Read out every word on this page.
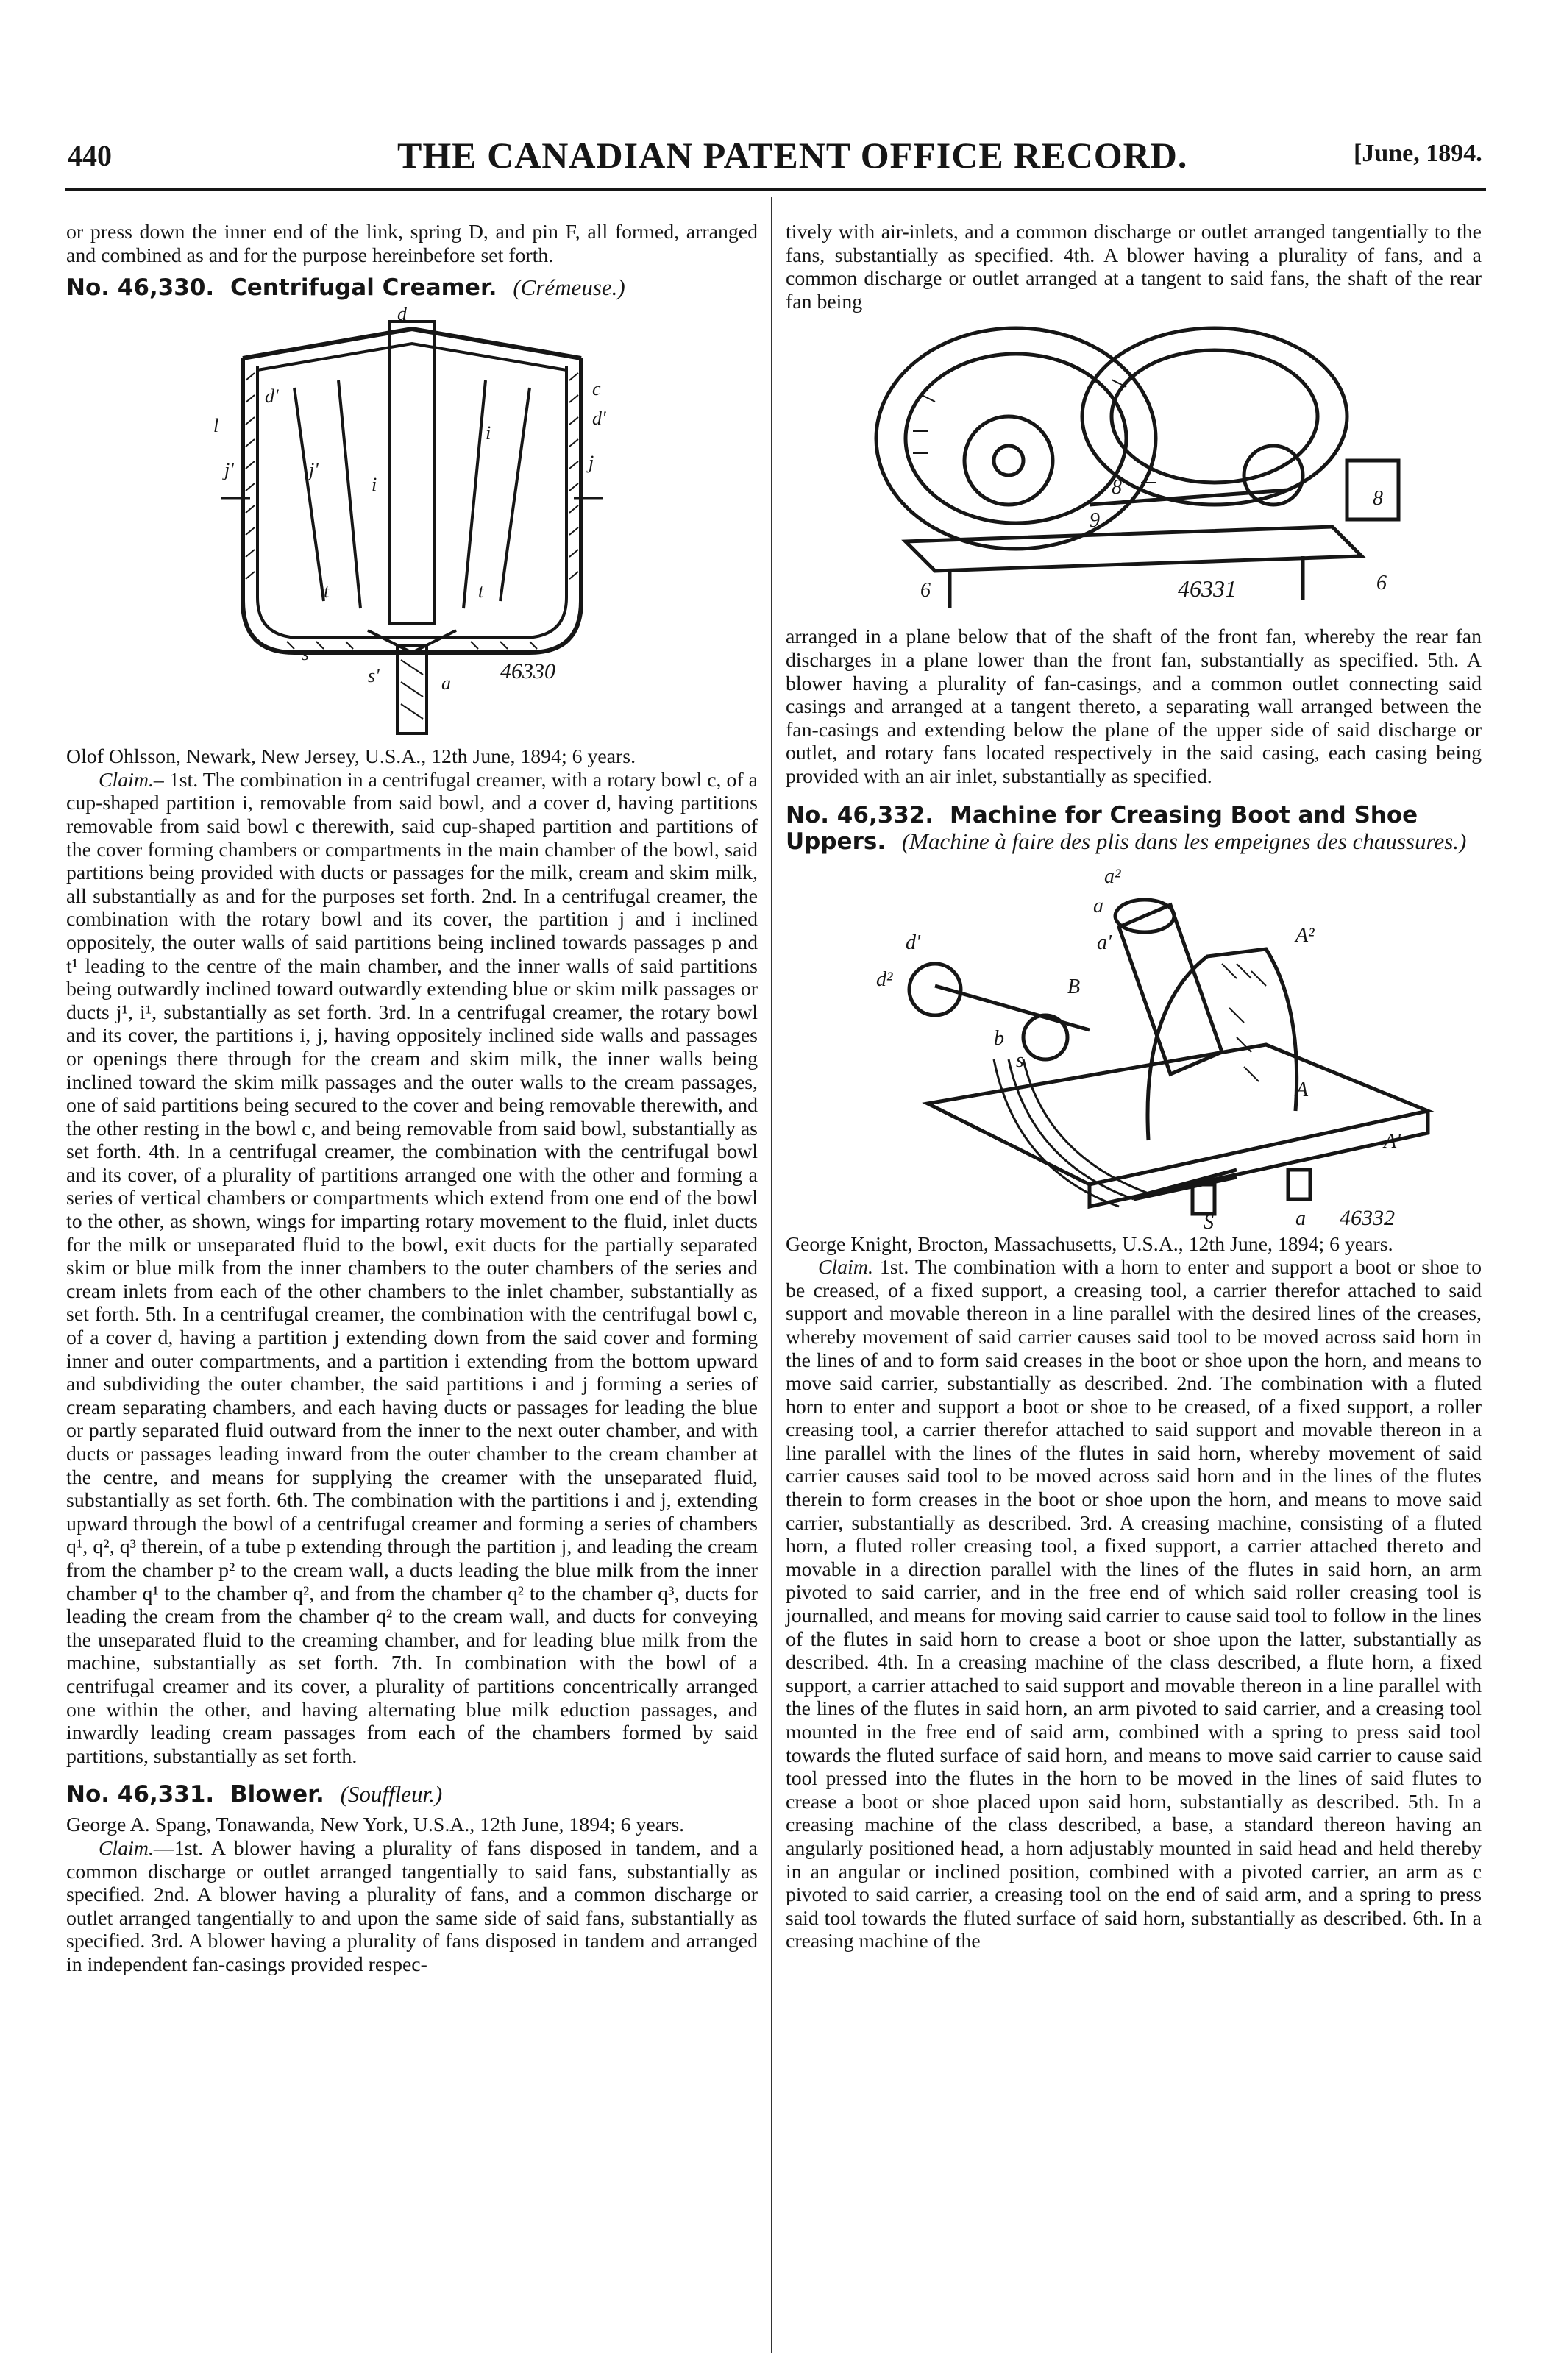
440	THE CANADIAN PATENT OFFICE RECORD.	[June, 1894.

or press down the inner end of the link, spring D, and pin F, all formed, arranged and combined as and for the purpose hereinbefore set forth.

No. 46,330. Centrifugal Creamer. (Crémeuse.)
d
c
l	d'
d'
j
j'	j'
i
i
t	t
a
s
s'	46330

Olof Ohlsson, Newark, New Jersey, U.S.A., 12th June, 1894; 6 years.

Claim.– 1st. The combination in a centrifugal creamer, with a rotary bowl c, of a cup-shaped partition i, removable from said bowl, and a cover d, having partitions removable from said bowl c therewith, said cup-shaped partition and partitions of the cover forming chambers or compartments in the main chamber of the bowl, said partitions being provided with ducts or passages for the milk, cream and skim milk, all substantially as and for the purposes set forth. 2nd. In a centrifugal creamer, the combination with the rotary bowl and its cover, the partition j and i inclined oppositely, the outer walls of said partitions being inclined towards passages p and t¹ leading to the centre of the main chamber, and the inner walls of said partitions being outwardly inclined toward outwardly extending blue or skim milk passages or ducts j¹, i¹, substantially as set forth. 3rd. In a centrifugal creamer, the rotary bowl and its cover, the partitions i, j, having oppositely inclined side walls and passages or openings there through for the cream and skim milk, the inner walls being inclined toward the skim milk passages and the outer walls to the cream passages, one of said partitions being secured to the cover and being removable therewith, and the other resting in the bowl c, and being removable from said bowl, substantially as set forth. 4th. In a centrifugal creamer, the combination with the centrifugal bowl and its cover, of a plurality of partitions arranged one with the other and forming a series of vertical chambers or compartments which extend from one end of the bowl to the other, as shown, wings for imparting rotary movement to the fluid, inlet ducts for the milk or unseparated fluid to the bowl, exit ducts for the partially separated skim or blue milk from the inner chambers to the outer chambers of the series and cream inlets from each of the other chambers to the inlet chamber, substantially as set forth. 5th. In a centrifugal creamer, the combination with the centrifugal bowl c, of a cover d, having a partition j extending down from the said cover and forming inner and outer compartments, and a partition i extending from the bottom upward and subdividing the outer chamber, the said partitions i and j forming a series of cream separating chambers, and each having ducts or passages for leading the blue or partly separated fluid outward from the inner to the next outer chamber, and with ducts or passages leading inward from the outer chamber to the cream chamber at the centre, and means for supplying the creamer with the unseparated fluid, substantially as set forth. 6th. The combination with the partitions i and j, extending upward through the bowl of a centrifugal creamer and forming a series of chambers q¹, q², q³ therein, of a tube p extending through the partition j, and leading the cream from the chamber p² to the cream wall, a ducts leading the blue milk from the inner chamber q¹ to the chamber q², and from the chamber q² to the chamber q³, ducts for leading the cream from the chamber q² to the cream wall, and ducts for conveying the unseparated fluid to the creaming chamber, and for leading blue milk from the machine, substantially as set forth. 7th. In combination with the bowl of a centrifugal creamer and its cover, a plurality of partitions concentrically arranged one within the other, and having alternating blue milk eduction passages, and inwardly leading cream passages from each of the chambers formed by said partitions, substantially as set forth.

No. 46,331. Blower. (Souffleur.)

George A. Spang, Tonawanda, New York, U.S.A., 12th June, 1894; 6 years.

Claim.—1st. A blower having a plurality of fans disposed in tandem, and a common discharge or outlet arranged tangentially to said fans, substantially as specified. 2nd. A blower having a plurality of fans, and a common discharge or outlet arranged tangentially to and upon the same side of said fans, substantially as specified. 3rd. A blower having a plurality of fans disposed in tandem and arranged in independent fan-casings provided respec-

tively with air-inlets, and a common discharge or outlet arranged tangentially to the fans, substantially as specified. 4th. A blower having a plurality of fans, and a common discharge or outlet arranged at a tangent to said fans, the shaft of the rear fan being

8
9
8
6	6
46331

arranged in a plane below that of the shaft of the front fan, whereby the rear fan discharges in a plane lower than the front fan, substantially as specified. 5th. A blower having a plurality of fan-casings, and a common outlet connecting said casings and arranged at a tangent thereto, a separating wall arranged between the fan-casings and extending below the plane of the upper side of said discharge or outlet, and rotary fans located respectively in the said casing, each casing being provided with an air inlet, substantially as specified.

No. 46,332. Machine for Creasing Boot and Shoe Uppers. (Machine à faire des plis dans les empeignes des chaussures.)
a²
a
a'	A²
d'
d²	B
A
A'
S
b
s
a 46332

George Knight, Brocton, Massachusetts, U.S.A., 12th June, 1894; 6 years.

Claim. 1st. The combination with a horn to enter and support a boot or shoe to be creased, of a fixed support, a creasing tool, a carrier therefor attached to said support and movable thereon in a line parallel with the desired lines of the creases, whereby movement of said carrier causes said tool to be moved across said horn in the lines of and to form said creases in the boot or shoe upon the horn, and means to move said carrier, substantially as described. 2nd. The combination with a fluted horn to enter and support a boot or shoe to be creased, of a fixed support, a roller creasing tool, a carrier therefor attached to said support and movable thereon in a line parallel with the lines of the flutes in said horn, whereby movement of said carrier causes said tool to be moved across said horn and in the lines of the flutes therein to form creases in the boot or shoe upon the horn, and means to move said carrier, substantially as described. 3rd. A creasing machine, consisting of a fluted horn, a fluted roller creasing tool, a fixed support, a carrier attached thereto and movable in a direction parallel with the lines of the flutes in said horn, an arm pivoted to said carrier, and in the free end of which said roller creasing tool is journalled, and means for moving said carrier to cause said tool to follow in the lines of the flutes in said horn to crease a boot or shoe upon the latter, substantially as described. 4th. In a creasing machine of the class described, a flute horn, a fixed support, a carrier attached to said support and movable thereon in a line parallel with the lines of the flutes in said horn, an arm pivoted to said carrier, and a creasing tool mounted in the free end of said arm, combined with a spring to press said tool towards the fluted surface of said horn, and means to move said carrier to cause said tool pressed into the flutes in the horn to be moved in the lines of said flutes to crease a boot or shoe placed upon said horn, substantially as described. 5th. In a creasing machine of the class described, a base, a standard thereon having an angularly positioned head, a horn adjustably mounted in said head and held thereby in an angular or inclined position, combined with a pivoted carrier, an arm as c pivoted to said carrier, a creasing tool on the end of said arm, and a spring to press said tool towards the fluted surface of said horn, substantially as described. 6th. In a creasing machine of the
